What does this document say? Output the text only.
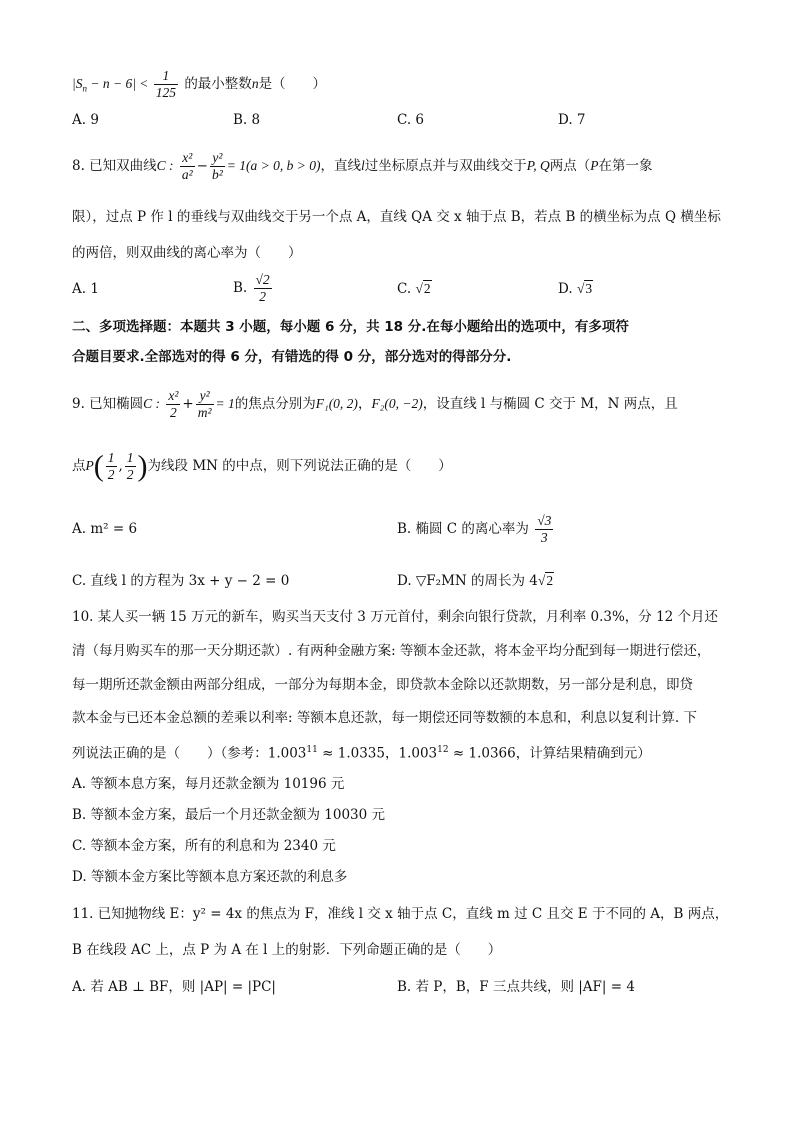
$|S_n - n - 6| < \frac{1}{125}$ 的最小整数n是（　　）
A. 9	B. 8	C. 6	D. 7
8. 已知双曲线C : $\frac{\text{x²}}{\text{a²}} - \frac{\text{y²}}{\text{b²}} = 1(a > 0$, b > 0)，直线l过坐标原点并与双曲线交于P, Q两点（P在第一象
限），过点 P 作 l 的垂线与双曲线交于另一个点 A，直线 QA 交 x 轴于点 B，若点 B 的横坐标为点 Q 横坐标
的两倍，则双曲线的离心率为（　　）
A. 1	B. $\frac{√2}{2}$	C. √2	D. √3
二、多项选择题：本题共 3 小题，每小题 6 分，共 18 分.在每小题给出的选项中，有多项符
合题目要求.全部选对的得 6 分，有错选的得 0 分，部分选对的得部分分.
9. 已知椭圆C : $\frac{\text{x²}}{2} + \frac{\text{y²}}{\text{m²}} = 1$的焦点分别为F₁(0, 2)，F₂(0, −2)，设直线 l 与椭圆 C 交于 M，N 两点，且
点$P( \frac{1}{2}$ , $\frac{1}{2}$ )为线段 MN 的中点，则下列说法正确的是（　　）
A. m² = 6	B. 椭圆 C 的离心率为 $\frac{√3}{3}$
C. 直线 l 的方程为 3x + y − 2 = 0	D. ▽F₂MN 的周长为 4√2
10. 某人买一辆 15 万元的新车，购买当天支付 3 万元首付，剩余向银行贷款，月利率 0.3%，分 12 个月还
清（每月购买车的那一天分期还款）. 有两种金融方案: 等额本金还款，将本金平均分配到每一期进行偿还，
每一期所还款金额由两部分组成，一部分为每期本金，即贷款本金除以还款期数，另一部分是利息，即贷
款本金与已还本金总额的差乘以利率: 等额本息还款，每一期偿还同等数额的本息和，利息以复利计算. 下
列说法正确的是（　　）（参考：$1.003^{11} \approx 1.0335$，$1.003^{12} \approx 1.0366$，计算结果精确到元）
A. 等额本息方案，每月还款金额为 10196 元
B. 等额本金方案，最后一个月还款金额为 10030 元
C. 等额本金方案，所有的利息和为 2340 元
D. 等额本金方案比等额本息方案还款的利息多
11. 已知抛物线 E：y² = 4x 的焦点为 F，准线 l 交 x 轴于点 C，直线 m 过 C 且交 E 于不同的 A，B 两点，
B 在线段 AC 上，点 P 为 A 在 l 上的射影．下列命题正确的是（　　）
A. 若 AB ⊥ BF，则 |AP| = |PC|	B. 若 P，B，F 三点共线，则 |AF| = 4
